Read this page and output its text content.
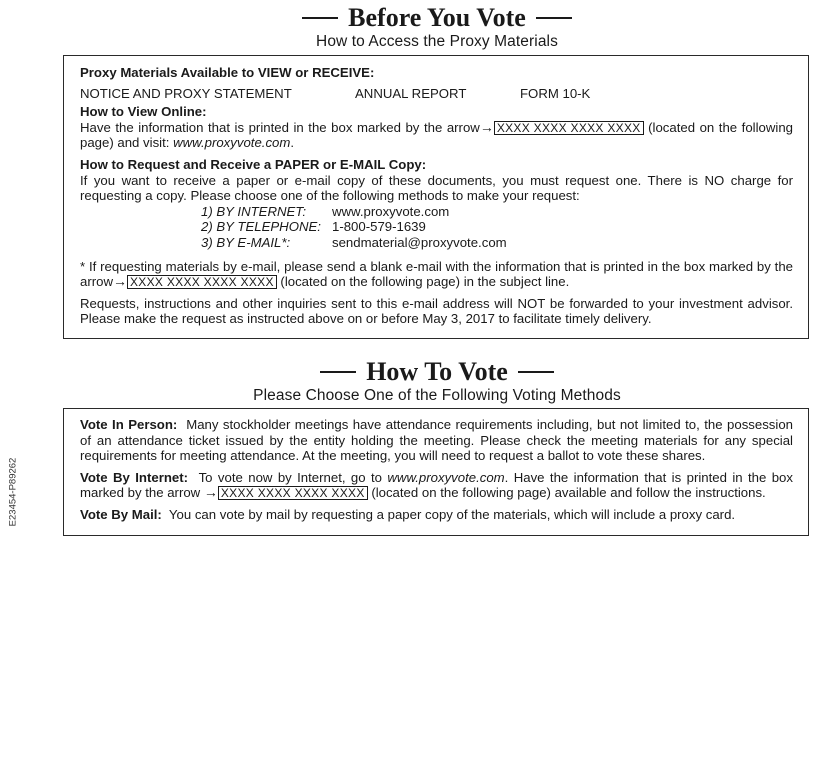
E23454-P89262
Before You Vote
How to Access the Proxy Materials

Proxy Materials Available to VIEW or RECEIVE:

NOTICE AND PROXY STATEMENT	ANNUAL REPORT	FORM 10-K

How to View Online:

Have the information that is printed in the box marked by the arrow→ XXXX XXXX XXXX XXXX (located on the following page) and visit: www.proxyvote.com.

How to Request and Receive a PAPER or E-MAIL Copy:

If you want to receive a paper or e-mail copy of these documents, you must request one. There is NO charge for requesting a copy. Please choose one of the following methods to make your request:

1) BY INTERNET:	www.proxyvote.com
2) BY TELEPHONE: 1-800-579-1639
3) BY E-MAIL*:	sendmaterial@proxyvote.com

* If requesting materials by e-mail, please send a blank e-mail with the information that is printed in the box marked by the arrow→ XXXX XXXX XXXX XXXX (located on the following page) in the subject line.

Requests, instructions and other inquiries sent to this e-mail address will NOT be forwarded to your investment advisor. Please make the request as instructed above on or before May 3, 2017 to facilitate timely delivery.

How To Vote
Please Choose One of the Following Voting Methods

Vote In Person: Many stockholder meetings have attendance requirements including, but not limited to, the possession of an attendance ticket issued by the entity holding the meeting. Please check the meeting materials for any special requirements for meeting attendance. At the meeting, you will need to request a ballot to vote these shares.

Vote By Internet: To vote now by Internet, go to www.proxyvote.com. Have the information that is printed in the box marked by the arrow → XXXX XXXX XXXX XXXX (located on the following page) available and follow the instructions.

Vote By Mail: You can vote by mail by requesting a paper copy of the materials, which will include a proxy card.
